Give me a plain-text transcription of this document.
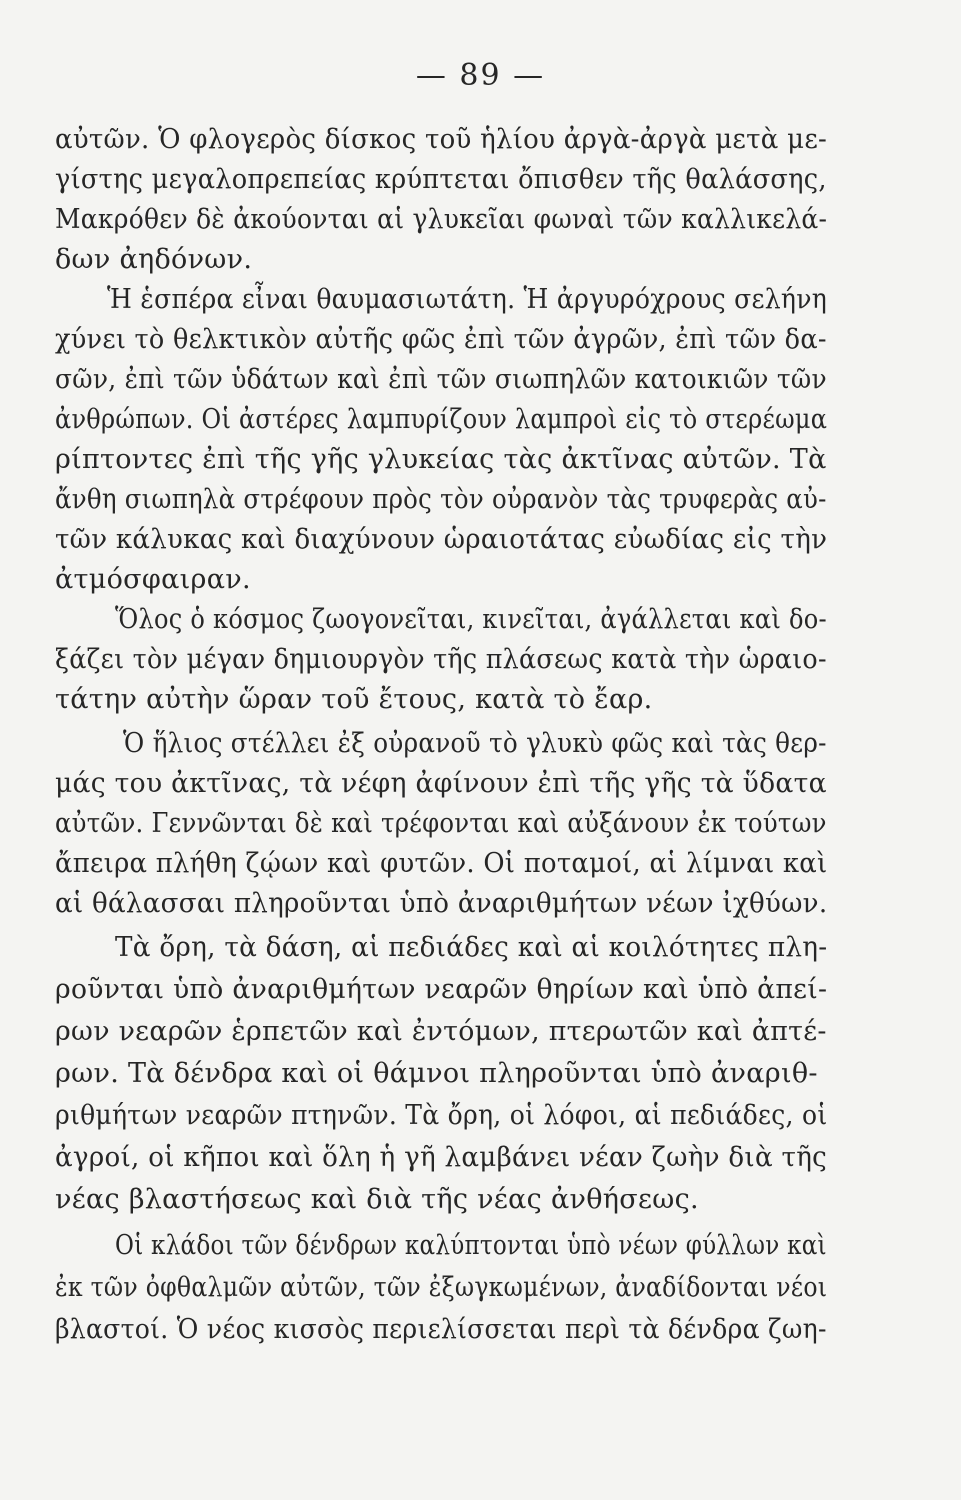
— 89 —
αὐτῶν. Ὁ φλογερὸς δίσκος τοῦ ἡλίου ἀργὰ-ἀργὰ μετὰ με-
γίστης μεγαλοπρεπείας κρύπτεται ὄπισθεν τῆς θαλάσσης,
Μακρόθεν δὲ ἀκούονται αἱ γλυκεῖαι φωναὶ τῶν καλλικελά-
δων ἀηδόνων.
Ἡ ἑσπέρα εἶναι θαυμασιωτάτη. Ἡ ἀργυρόχρους σελήνη
χύνει τὸ θελκτικὸν αὐτῆς φῶς ἐπὶ τῶν ἀγρῶν, ἐπὶ τῶν δα-
σῶν, ἐπὶ τῶν ὑδάτων καὶ ἐπὶ τῶν σιωπηλῶν κατοικιῶν τῶν
ἀνθρώπων. Οἱ ἀστέρες λαμπυρίζουν λαμπροὶ εἰς τὸ στερέωμα
ρίπτοντες ἐπὶ τῆς γῆς γλυκείας τὰς ἀκτῖνας αὐτῶν. Τὰ
ἄνθη σιωπηλὰ στρέφουν πρὸς τὸν οὐρανὸν τὰς τρυφερὰς αὐ-
τῶν κάλυκας καὶ διαχύνουν ὡραιοτάτας εὐωδίας εἰς τὴν
ἀτμόσφαιραν.
Ὅλος ὁ κόσμος ζωογονεῖται, κινεῖται, ἀγάλλεται καὶ δο-
ξάζει τὸν μέγαν δημιουργὸν τῆς πλάσεως κατὰ τὴν ὡραιο-
τάτην αὐτὴν ὥραν τοῦ ἔτους, κατὰ τὸ ἔαρ.
Ὁ ἥλιος στέλλει ἐξ οὐρανοῦ τὸ γλυκὺ φῶς καὶ τὰς θερ-
μάς του ἀκτῖνας, τὰ νέφη ἀφίνουν ἐπὶ τῆς γῆς τὰ ὕδατα
αὐτῶν. Γεννῶνται δὲ καὶ τρέφονται καὶ αὐξάνουν ἐκ τούτων
ἄπειρα πλήθη ζῴων καὶ φυτῶν. Οἱ ποταμοί, αἱ λίμναι καὶ
αἱ θάλασσαι πληροῦνται ὑπὸ ἀναριθμήτων νέων ἰχθύων.
Τὰ ὄρη, τὰ δάση, αἱ πεδιάδες καὶ αἱ κοιλότητες πλη-
ροῦνται ὑπὸ ἀναριθμήτων νεαρῶν θηρίων καὶ ὑπὸ ἀπεί-
ρων νεαρῶν ἑρπετῶν καὶ ἐντόμων, πτερωτῶν καὶ ἀπτέ-
ρων. Τὰ δένδρα καὶ οἱ θάμνοι πληροῦνται ὑπὸ ἀναριθ-
ριθμήτων νεαρῶν πτηνῶν. Τὰ ὄρη, οἱ λόφοι, αἱ πεδιάδες, οἱ
ἀγροί, οἱ κῆποι καὶ ὅλη ἡ γῆ λαμβάνει νέαν ζωὴν διὰ τῆς
νέας βλαστήσεως καὶ διὰ τῆς νέας ἀνθήσεως.
Οἱ κλάδοι τῶν δένδρων καλύπτονται ὑπὸ νέων φύλλων καὶ
ἐκ τῶν ὀφθαλμῶν αὐτῶν, τῶν ἐξωγκωμένων, ἀναδίδονται νέοι
βλαστοί. Ὁ νέος κισσὸς περιελίσσεται περὶ τὰ δένδρα ζωη-
